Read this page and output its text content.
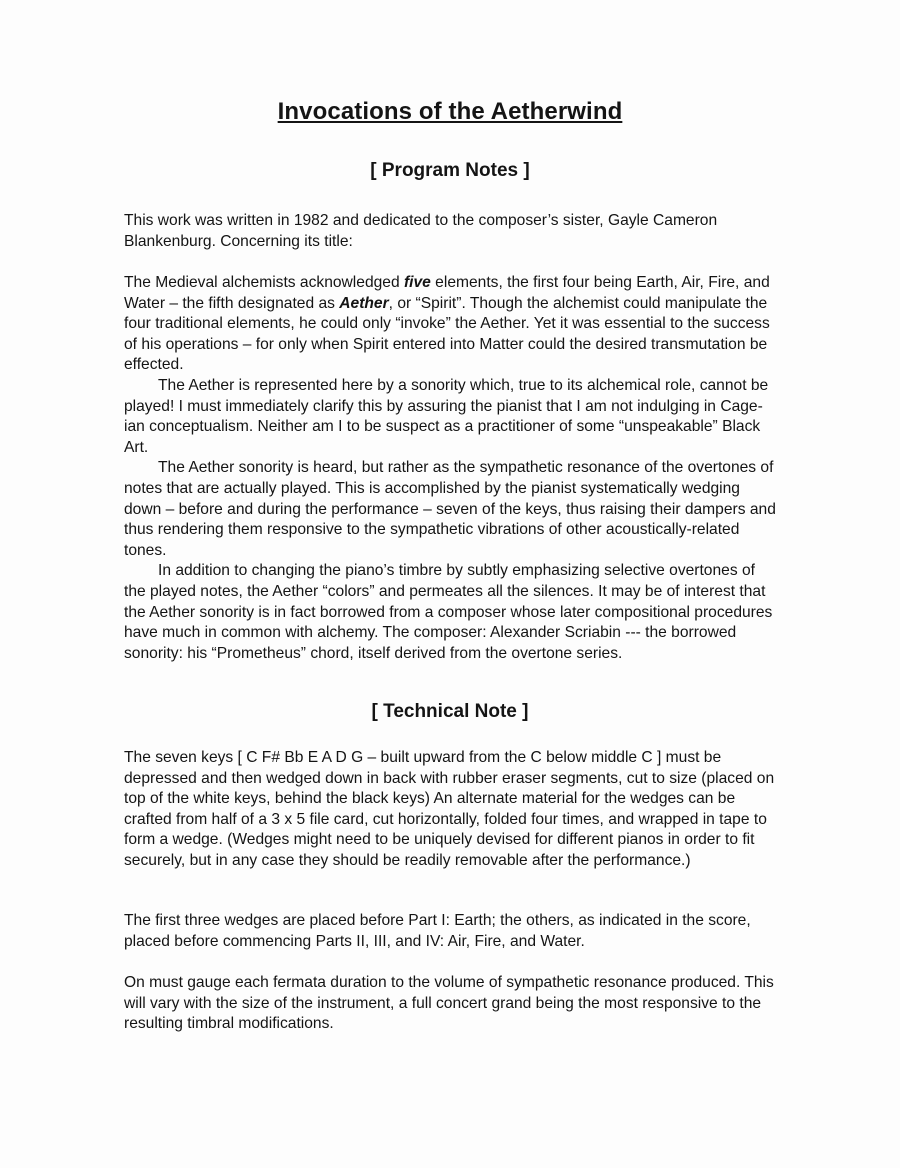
Invocations of the Aetherwind
[ Program Notes ]

This work was written in 1982 and dedicated to the composer’s sister, Gayle Cameron Blankenburg. Concerning its title:

The Medieval alchemists acknowledged five elements, the first four being Earth, Air, Fire, and Water – the fifth designated as Aether, or “Spirit”. Though the alchemist could manipulate the four traditional elements, he could only “invoke” the Aether. Yet it was essential to the success of his operations – for only when Spirit entered into Matter could the desired transmutation be effected.

The Aether is represented here by a sonority which, true to its alchemical role, cannot be played! I must immediately clarify this by assuring the pianist that I am not indulging in Cage-ian conceptualism. Neither am I to be suspect as a practitioner of some “unspeakable” Black Art.

The Aether sonority is heard, but rather as the sympathetic resonance of the overtones of notes that are actually played. This is accomplished by the pianist systematically wedging down – before and during the performance – seven of the keys, thus raising their dampers and thus rendering them responsive to the sympathetic vibrations of other acoustically-related tones.

In addition to changing the piano’s timbre by subtly emphasizing selective overtones of the played notes, the Aether “colors” and permeates all the silences. It may be of interest that the Aether sonority is in fact borrowed from a composer whose later compositional procedures have much in common with alchemy. The composer: Alexander Scriabin --- the borrowed sonority: his “Prometheus” chord, itself derived from the overtone series.

[ Technical Note ]

The seven keys [ C F# Bb E A D G – built upward from the C below middle C ] must be depressed and then wedged down in back with rubber eraser segments, cut to size (placed on top of the white keys, behind the black keys) An alternate material for the wedges can be crafted from half of a 3 x 5 file card, cut horizontally, folded four times, and wrapped in tape to form a wedge. (Wedges might need to be uniquely devised for different pianos in order to fit securely, but in any case they should be readily removable after the performance.)

The first three wedges are placed before Part I: Earth; the others, as indicated in the score, placed before commencing Parts II, III, and IV: Air, Fire, and Water.

On must gauge each fermata duration to the volume of sympathetic resonance produced. This will vary with the size of the instrument, a full concert grand being the most responsive to the resulting timbral modifications.
